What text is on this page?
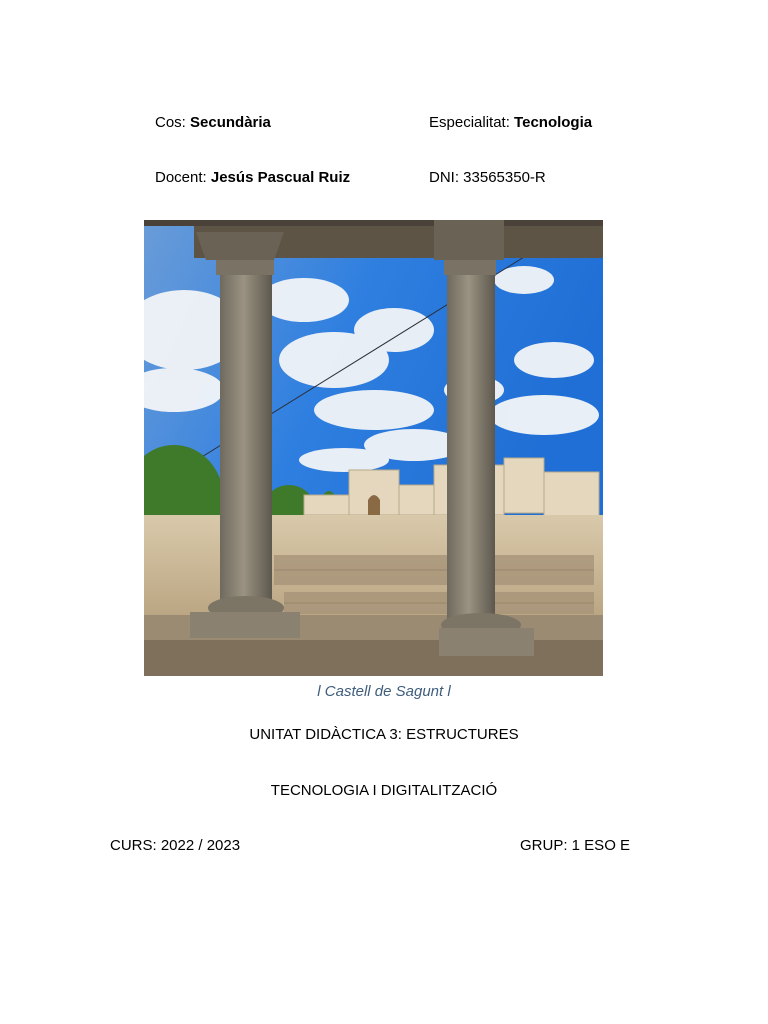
Cos: Secundària	Especialitat: Tecnologia
Docent: Jesús Pascual Ruiz	DNI: 33565350-R
l Castell de Sagunt l
UNITAT DIDÀCTICA 3: ESTRUCTURES
TECNOLOGIA I DIGITALITZACIÓ
CURS: 2022 / 2023	GRUP: 1 ESO E
